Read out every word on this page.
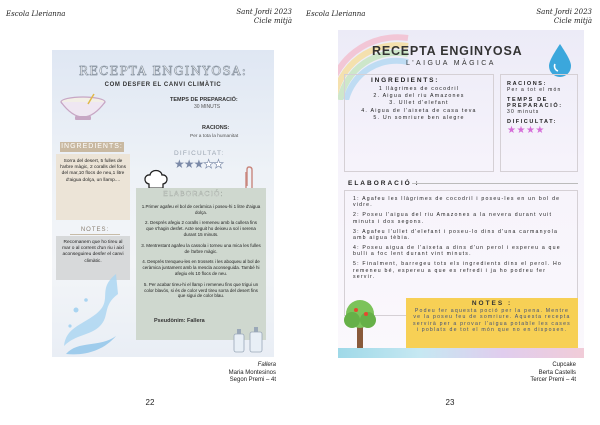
Escola Llerianna	Sant Jordi 2023
Cicle mitjà
RECEPTA ENGINYOSA:
COM DESFER EL CANVI CLIMÀTIC
INGREDIENTS:
Sorra del desert, 5 fulles de l'arbre màgic, 2 coralls del fons del mar,10 flocs de neu,1 litre d'aigua dolça, un llamp....
NOTES:
Recomanem que ho tireu al mar o al corrent d'un riu i així aconseguireu desfer el canvi climàtic.
TEMPS DE PREPARACIÓ:
30 MINUTS
RACIONS:
Per a tota la humanitat
DIFICULTAT:
★★★★★
ELABORACIÓ:

1.Primer agafeu el bol de ceràmica i poseu-hi 1 litre d'aigua dolça.

2. Després afegiu 2 coralls i remeneu amb la cullera fins que s'hagin desfet. Acte seguit ho deixeu a sol i serena durant 15 minuts.

3. Mentrestant agafeu la cassola i torneu una mica les fulles de l'arbre màgic.

4. Després trenqueu-les en trossets i les aboqueu al bol de ceràmica juntament amb la mescla aconseguida. També hi afegiu els 10 flocs de neu.

5. Per acabar tireu-hi el llamp i remeneu fins que trigui un color blavós, si és de color verd tireu sorra del desert fins que sigui de color blau.

Pseudònim: Fallera
Fallera
Maria Montesinos
Segon Premi – 4t
22
Escola Llerianna	Sant Jordi 2023
Cicle mitjà
RECEPTA ENGINYOSA
L'AIGUA MÀGICA
INGREDIENTS:
1 llàgrimes de cocodril
2. Aigua del riu Amazones
3. Ullet d'elefant
4. Aigua de l'aixeta de casa teva
5. Un somriure ben alegre
RACIONS:
Per a tot el món
TEMPS DE PREPARACIÓ:
30 minuts
DIFICULTAT:
★★★★
ELABORACIÓ :

1: Agafeu les llàgrimes de cocodril i poseu-les en un bol de vidre.

2: Poseu l'aigua del riu Amazones a la nevera durant vuit minuts i dos segons.

3: Agafeu l'ullet d'elefant i poseu-lo dins d'una carmanyola amb aigua tèbia.

4: Poseu aigua de l'aixeta a dins d'un perol i espereu a que bulli a foc lent durant vint minuts.

5: Finalment, barregeu tots els ingredients dins el perol. Ho remeneu bé, espereu a que es refredi i ja ho podreu fer servir.

NOTES :
Podeu fer aquesta poció per la pena. Mentre ve la poseu feu de somriure. Aquesta recepta servirà per a provar l'aigua potable les cases i poblats de tot el món que no en disposen.
Cupcake
Berta Castells
Tercer Premi – 4t
23
